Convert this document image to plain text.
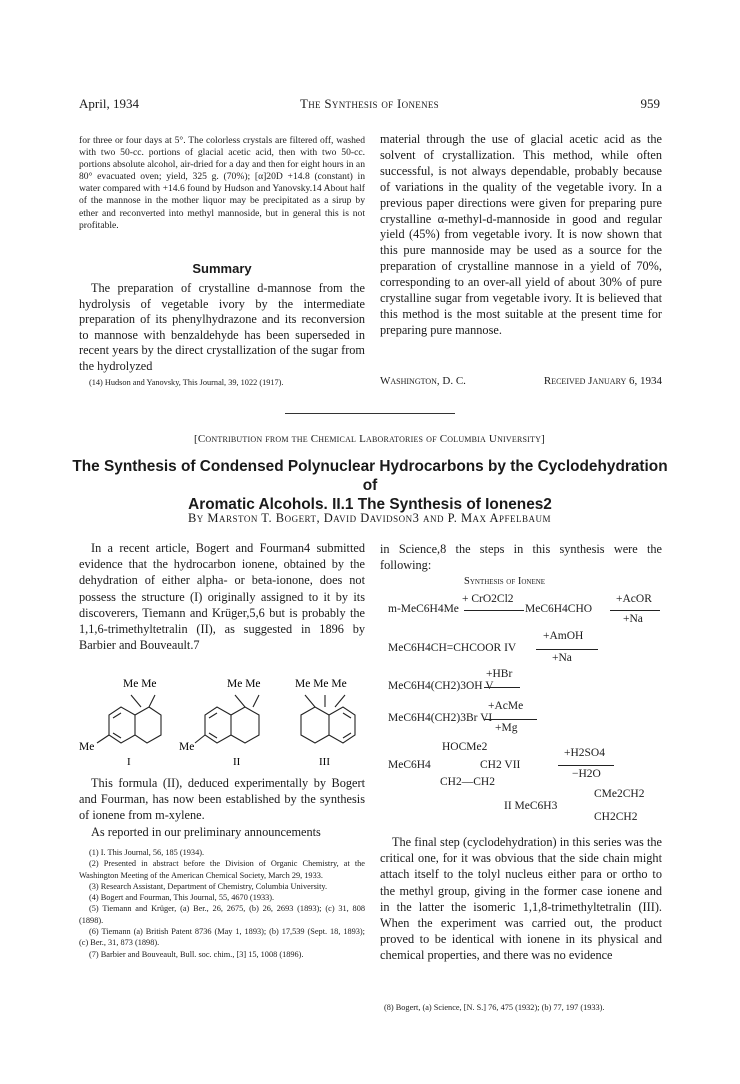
April, 1934	The Synthesis of Ionenes	959
for three or four days at 5°. The colorless crystals are filtered off, washed with two 50-cc. portions of glacial acetic acid, then with two 50-cc. portions absolute alcohol, air-dried for a day and then for eight hours in an 80° evacuated oven; yield, 325 g. (70%); [α]20D +14.8 (constant) in water compared with +14.6 found by Hudson and Yanovsky.14 About half of the mannose in the mother liquor may be precipitated as a sirup by ether and reconverted into methyl mannoside, but in general this is not profitable.
Summary

The preparation of crystalline d-mannose from the hydrolysis of vegetable ivory by the intermediate preparation of its phenylhydrazone and its reconversion to mannose with benzaldehyde has been superseded in recent years by the direct crystallization of the sugar from the hydrolyzed

(14) Hudson and Yanovsky, This Journal, 39, 1022 (1917).
material through the use of glacial acetic acid as the solvent of crystallization. This method, while often successful, is not always dependable, probably because of variations in the quality of the vegetable ivory. In a previous paper directions were given for preparing pure crystalline α-methyl-d-mannoside in good and regular yield (45%) from vegetable ivory. It is now shown that this pure mannoside may be used as a source for the preparation of crystalline mannose in a yield of 70%, corresponding to an over-all yield of about 30% of pure crystalline sugar from vegetable ivory. It is believed that this method is the most suitable at the present time for preparing pure mannose.
Washington, D. C.	Received January 6, 1934
[Contribution from the Chemical Laboratories of Columbia University]
The Synthesis of Condensed Polynuclear Hydrocarbons by the Cyclodehydration of
Aromatic Alcohols. II.1 The Synthesis of Ionenes2
By Marston T. Bogert, David Davidson3 and P. Max Apfelbaum

In a recent article, Bogert and Fourman4 submitted evidence that the hydrocarbon ionene, obtained by the dehydration of either alpha- or beta-ionone, does not possess the structure (I) originally assigned to it by its discoverers, Tiemann and Krüger,5,6 but is probably the 1,1,6-trimethyltetralin (II), as suggested in 1896 by Barbier and Bouveault.7

Me Me
Me
I
Me Me
Me
II
Me Me Me
III

This formula (II), deduced experimentally by Bogert and Fourman, has now been established by the synthesis of ionene from m-xylene.

As reported in our preliminary announcements

(1) I. This Journal, 56, 185 (1934).

(2) Presented in abstract before the Division of Organic Chemistry, at the Washington Meeting of the American Chemical Society, March 29, 1933.

(3) Research Assistant, Department of Chemistry, Columbia University.

(4) Bogert and Fourman, This Journal, 55, 4670 (1933).

(5) Tiemann and Krüger, (a) Ber., 26, 2675, (b) 26, 2693 (1893); (c) 31, 808 (1898).

(6) Tiemann (a) British Patent 8736 (May 1, 1893); (b) 17,539 (Sept. 18, 1893); (c) Ber., 31, 873 (1898).

(7) Barbier and Bouveault, Bull. soc. chim., [3] 15, 1008 (1896).

in Science,8 the steps in this synthesis were the following:
Synthesis of Ionene
+ CrO2Cl2
m-MeC6H4Me	MeC6H4CHO
+AcOR
+Na
+AmOH
MeC6H4CH=CHCOOR IV
+Na
+HBr
MeC6H4(CH2)3OH V
+AcMe
MeC6H4(CH2)3Br VI
+Mg
HOCMe2
MeC6H4	CH2 VII
+H2SO4
−H2O
CH2—CH2
II MeC6H3
CMe2CH2
CH2CH2

The final step (cyclodehydration) in this series was the critical one, for it was obvious that the side chain might attach itself to the tolyl nucleus either para or ortho to the methyl group, giving in the former case ionene and in the latter the isomeric 1,1,8-trimethyltetralin (III). When the experiment was carried out, the product proved to be identical with ionene in its physical and chemical properties, and there was no evidence

(8) Bogert, (a) Science, [N. S.] 76, 475 (1932); (b) 77, 197 (1933).
